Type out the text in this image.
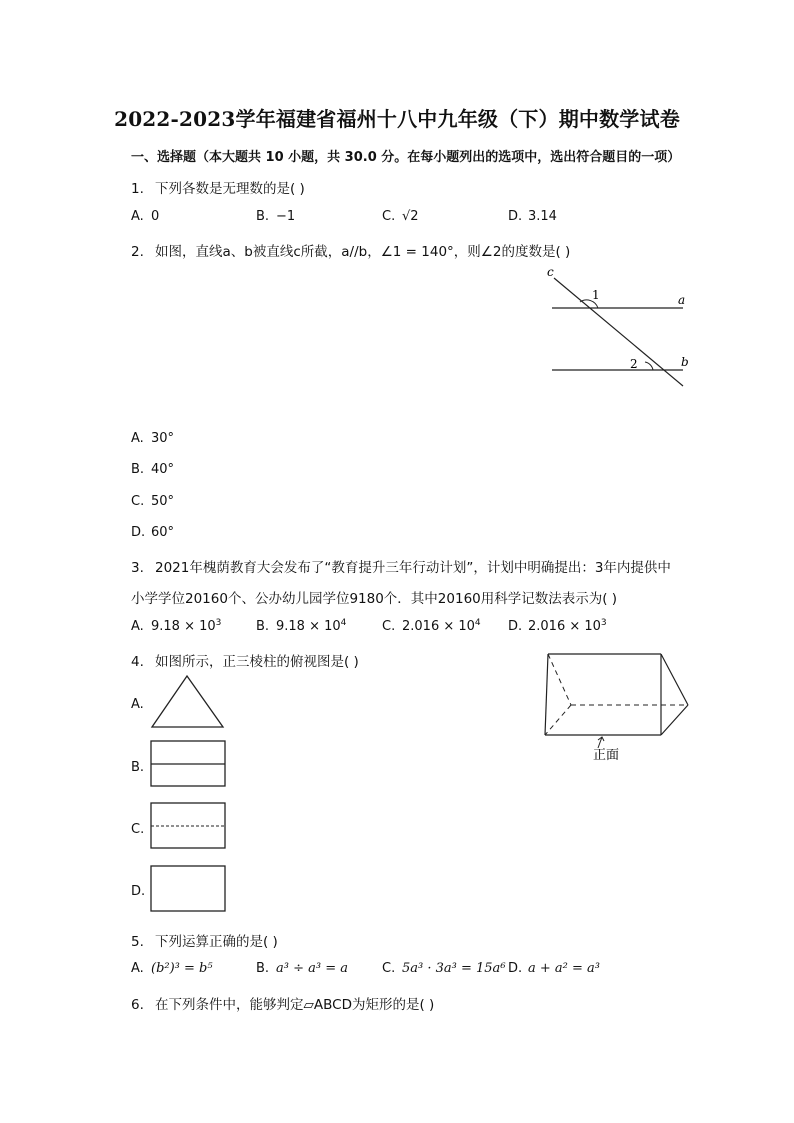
2022-2023学年福建省福州十八中九年级（下）期中数学试卷
一、选择题（本大题共 10 小题，共 30.0 分。在每小题列出的选项中，选出符合题目的一项）
1. 下列各数是无理数的是( )
A. 0	B. −1	C. √2	D. 3.14
2. 如图，直线a、b被直线c所截，a//b，∠1 = 140°，则∠2的度数是( )
c
1	a
2	b
A. 30°
B. 40°
C. 50°
D. 60°
3. 2021年槐荫教育大会发布了“教育提升三年行动计划”，计划中明确提出：3年内提供中
小学学位20160个、公办幼儿园学位9180个．其中20160用科学记数法表示为( )
A. $9.18 \times 10^3$	B. $9.18 \times 10^4$	C. $2.016 \times 10^4$ D. $2.016 \times 10^3$
4. 如图所示，正三棱柱的俯视图是( )
正面
A.
B.
C.
D.
5. 下列运算正确的是( )
A. (b²)³ = b⁵	B. a³ ÷ a³ = a	C. 5a³ · 3a³ = 15a⁶ D. a + a² = a³
6. 在下列条件中，能够判定▱ABCD为矩形的是( )
